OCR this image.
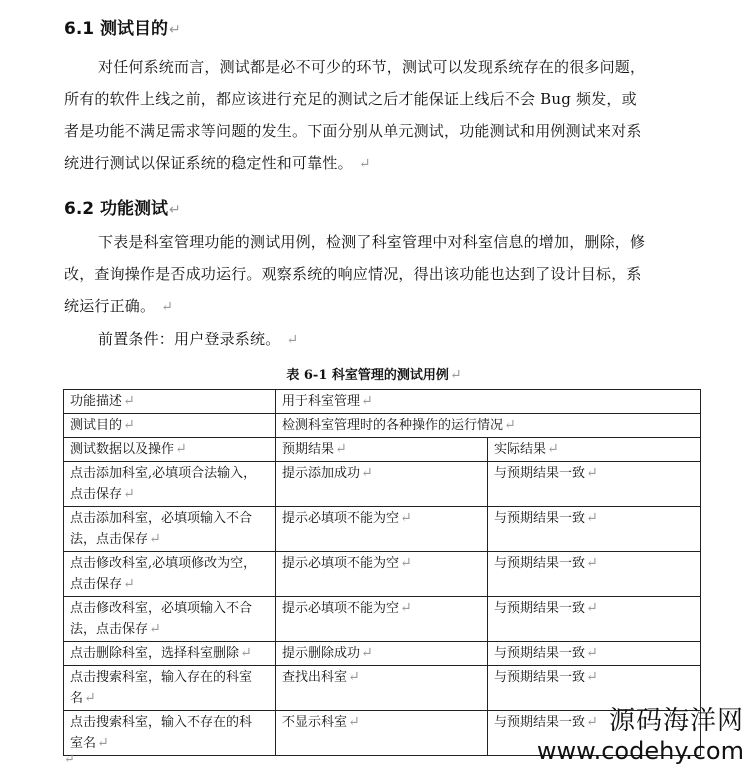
6.1 测试目的↵
对任何系统而言，测试都是必不可少的环节，测试可以发现系统存在的很多问题，
所有的软件上线之前，都应该进行充足的测试之后才能保证上线后不会 Bug 频发，或
者是功能不满足需求等问题的发生。下面分别从单元测试，功能测试和用例测试来对系
统进行测试以保证系统的稳定性和可靠性。 ↵
6.2 功能测试↵
下表是科室管理功能的测试用例，检测了科室管理中对科室信息的增加，删除，修
改，查询操作是否成功运行。观察系统的响应情况，得出该功能也达到了设计目标，系
统运行正确。 ↵
前置条件：用户登录系统。 ↵
表 6-1 科室管理的测试用例↵
功能描述↵	用于科室管理↵	
测试目的↵	检测科室管理时的各种操作的运行情况↵	
测试数据以及操作↵	预期结果↵	实际结果↵
点击添加科室,必填项合法输入，
点击保存↵	提示添加成功↵	与预期结果一致↵
点击添加科室，必填项输入不合
法，点击保存↵	提示必填项不能为空↵	与预期结果一致↵
点击修改科室,必填项修改为空，
点击保存↵	提示必填项不能为空↵	与预期结果一致↵
点击修改科室，必填项输入不合
法，点击保存↵	提示必填项不能为空↵	与预期结果一致↵
点击删除科室，选择科室删除↵	提示删除成功↵	与预期结果一致↵
点击搜索科室，输入存在的科室
名↵	查找出科室↵	与预期结果一致↵
点击搜索科室，输入不存在的科
室名↵	不显示科室↵	与预期结果一致↵
↵
源码海洋网
www.codehy.com
